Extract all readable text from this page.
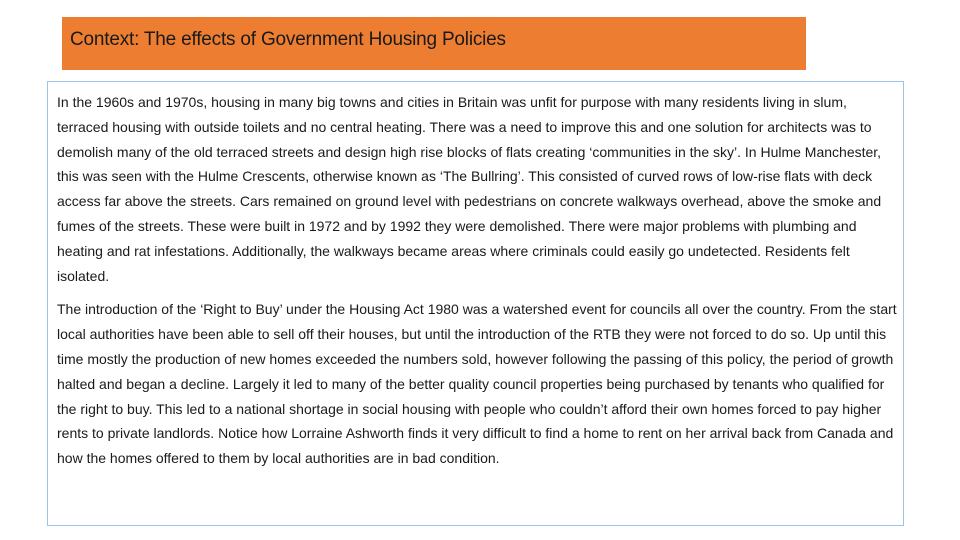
Context: The effects of Government Housing Policies

In the 1960s and 1970s, housing in many big towns and cities in Britain was unfit for purpose with many residents living in slum, terraced housing with outside toilets and no central heating. There was a need to improve this and one solution for architects was to demolish many of the old terraced streets and design high rise blocks of flats creating ‘communities in the sky’. In Hulme Manchester, this was seen with the Hulme Crescents, otherwise known as ‘The Bullring’. This consisted of curved rows of low-rise flats with deck access far above the streets. Cars remained on ground level with pedestrians on concrete walkways overhead, above the smoke and fumes of the streets. These were built in 1972 and by 1992 they were demolished. There were major problems with plumbing and heating and rat infestations. Additionally, the walkways became areas where criminals could easily go undetected. Residents felt isolated.

The introduction of the ‘Right to Buy’ under the Housing Act 1980 was a watershed event for councils all over the country. From the start local authorities have been able to sell off their houses, but until the introduction of the RTB they were not forced to do so. Up until this time mostly the production of new homes exceeded the numbers sold, however following the passing of this policy, the period of growth halted and began a decline. Largely it led to many of the better quality council properties being purchased by tenants who qualified for the right to buy. This led to a national shortage in social housing with people who couldn’t afford their own homes forced to pay higher rents to private landlords. Notice how Lorraine Ashworth finds it very difficult to find a home to rent on her arrival back from Canada and how the homes offered to them by local authorities are in bad condition.
